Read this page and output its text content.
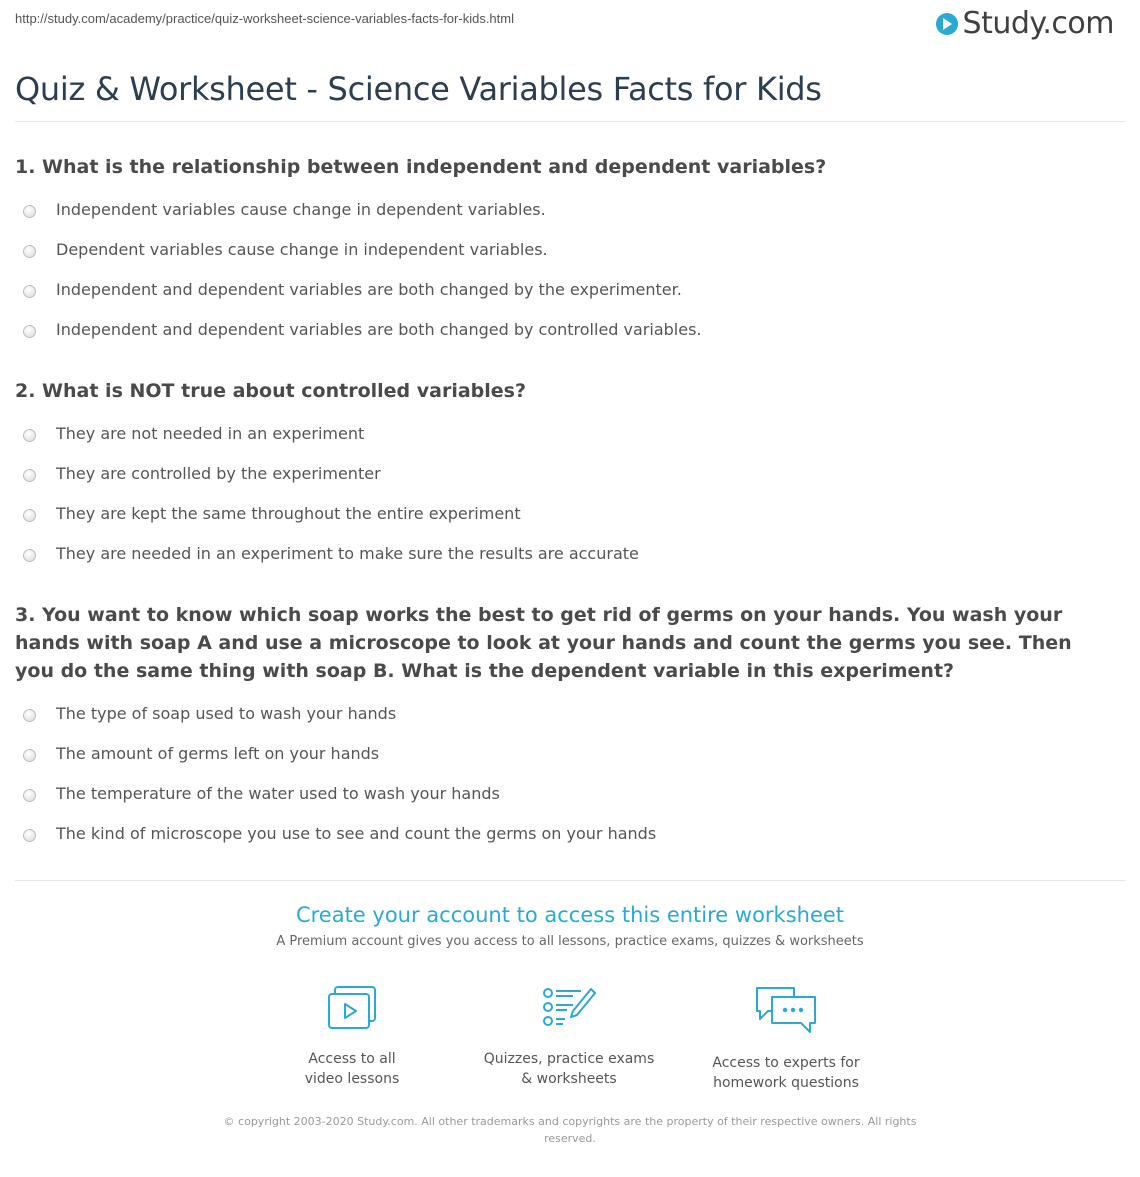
http://study.com/academy/practice/quiz-worksheet-science-variables-facts-for-kids.html	Study.com
Quiz & Worksheet - Science Variables Facts for Kids
1. What is the relationship between independent and dependent variables?
Independent variables cause change in dependent variables.
Dependent variables cause change in independent variables.
Independent and dependent variables are both changed by the experimenter.
Independent and dependent variables are both changed by controlled variables.
2. What is NOT true about controlled variables?
They are not needed in an experiment
They are controlled by the experimenter
They are kept the same throughout the entire experiment
They are needed in an experiment to make sure the results are accurate
3. You want to know which soap works the best to get rid of germs on your hands. You wash your hands with soap A and use a microscope to look at your hands and count the germs you see. Then you do the same thing with soap B. What is the dependent variable in this experiment?
The type of soap used to wash your hands
The amount of germs left on your hands
The temperature of the water used to wash your hands
The kind of microscope you use to see and count the germs on your hands
Create your account to access this entire worksheet
A Premium account gives you access to all lessons, practice exams, quizzes & worksheets
Access to all
video lessons
Quizzes, practice exams
& worksheets
Access to experts for
homework questions
© copyright 2003-2020 Study.com. All other trademarks and copyrights are the property of their respective owners. All rights reserved.
